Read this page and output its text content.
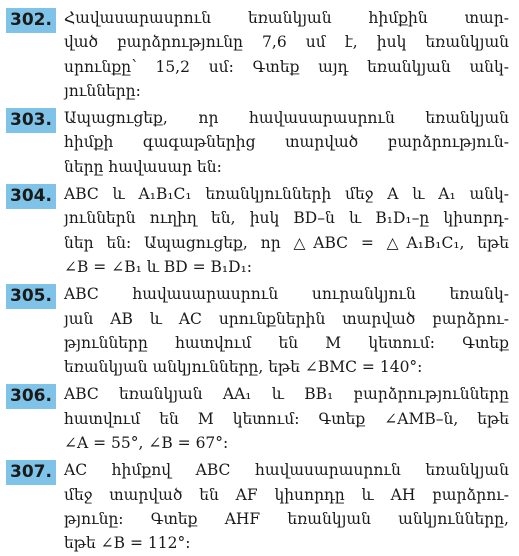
302. Հավասարասրուն եռանկյան հիմքին տար-
ված բարձրությունը 7,6 սմ է, իսկ եռանկյան
սրունքը՝ 15,2 սմ: Գտեք այդ եռանկյան անկ-
յունները:
303. Ապացուցեք, որ հավասարասրուն եռանկյան
հիմքի գագաթներից տարված բարձրություն-
ները հավասար են:
304. ABC և A₁B₁C₁ եռանկյունների մեջ A և A₁ անկ-
յուններն ուղիղ են, իսկ BD–ն և B₁D₁–ը կիսորդ-
ներ են: Ապացուցեք, որ △ABC = △A₁B₁C₁, եթե
∠B = ∠B₁ և BD = B₁D₁:
305. ABC հավասարասրուն սուրանկյուն եռանկ-
յան AB և AC սրունքներին տարված բարձրու-
թյունները հատվում են M կետում: Գտեք
եռանկյան անկյունները, եթե ∠BMC = 140°:
306. ABC եռանկյան AA₁ և BB₁ բարձրությունները
հատվում են M կետում: Գտեք ∠AMB–ն, եթե
∠A = 55°, ∠B = 67°:
307. AC հիմքով ABC հավասարասրուն եռանկյան
մեջ տարված են AF կիսորդը և AH բարձրու-
թյունը: Գտեք AHF եռանկյան անկյունները,
եթե ∠B = 112°:
